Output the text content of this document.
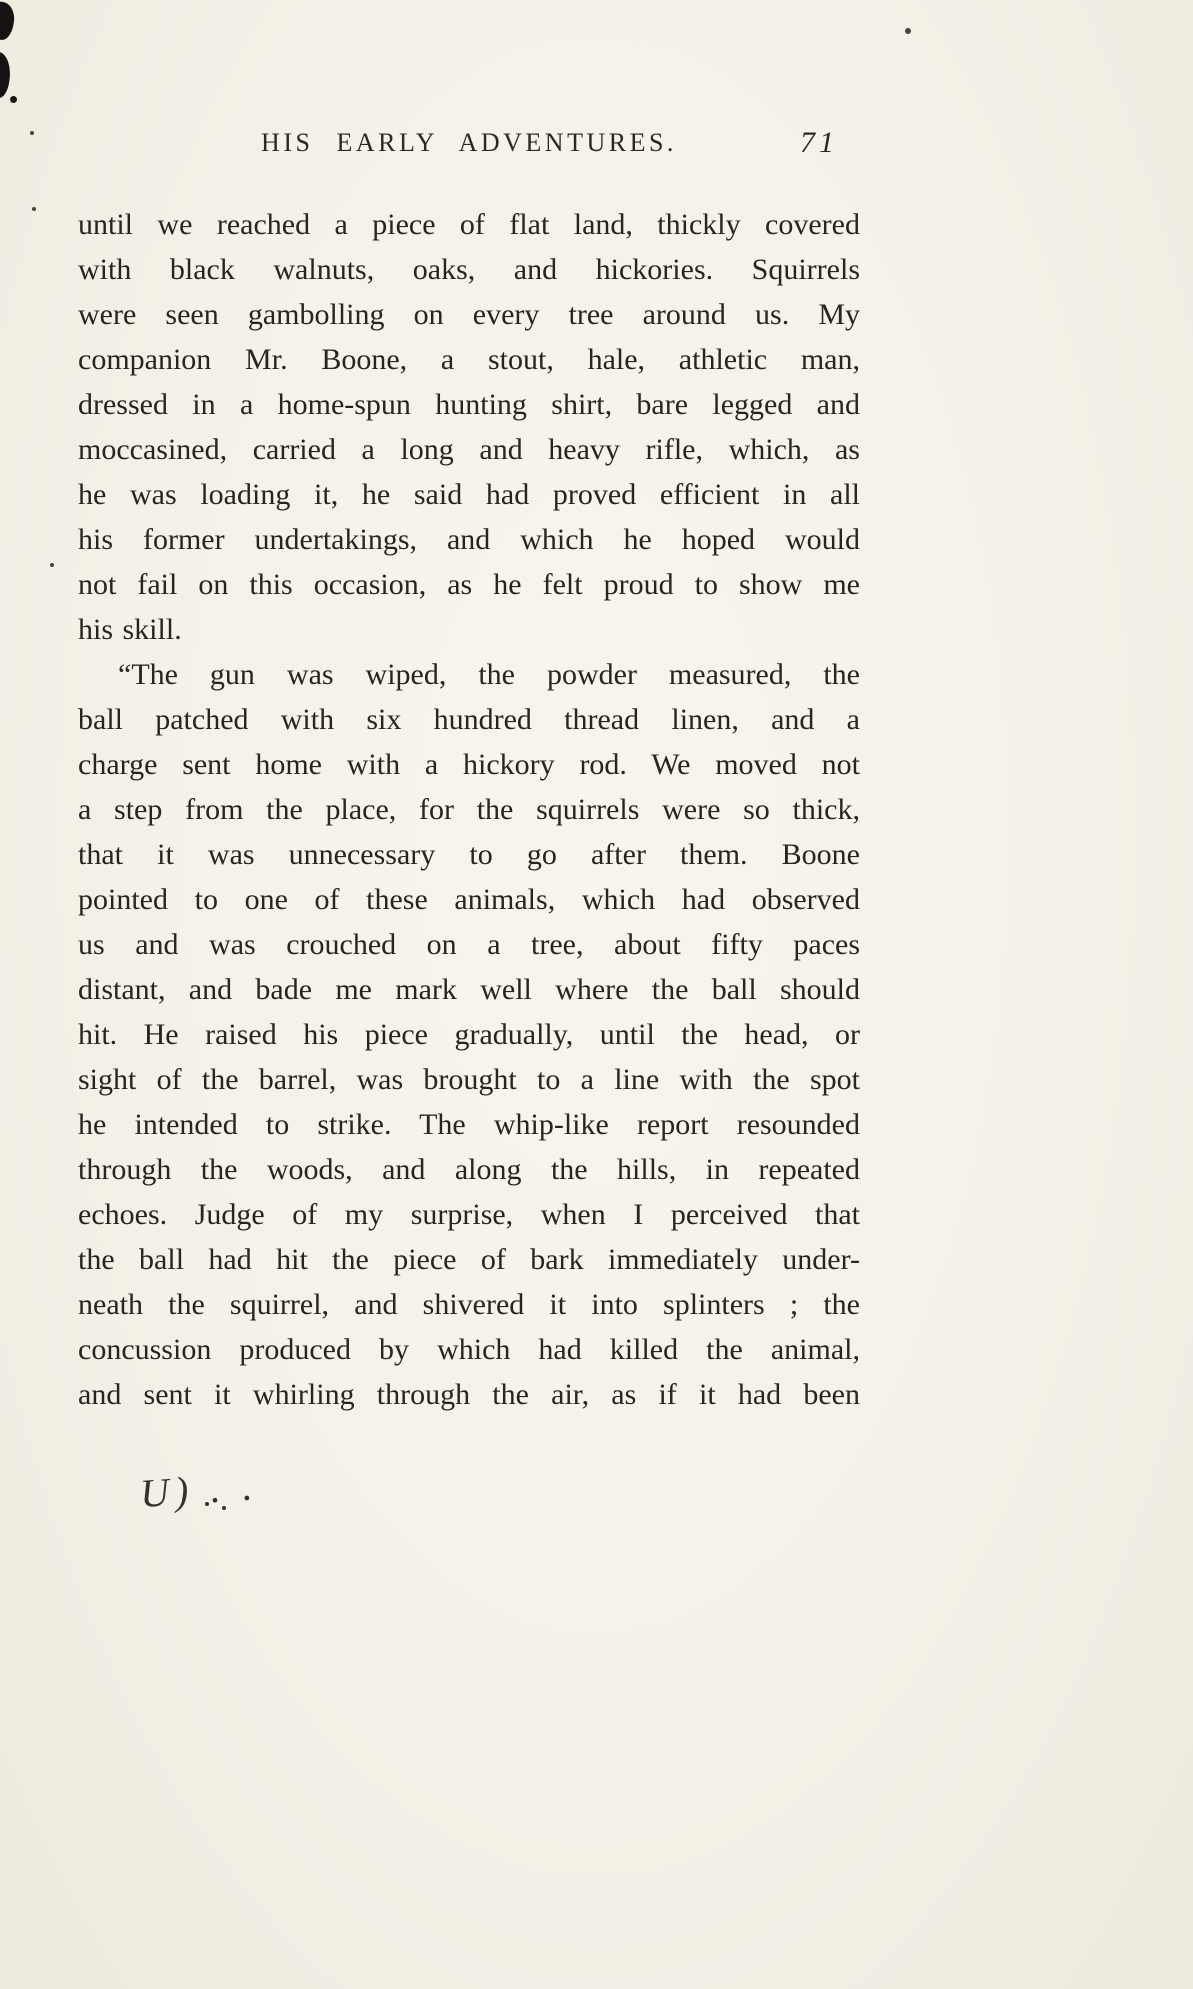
HIS EARLY ADVENTURES.	71
until we reached a piece of flat land, thickly covered
with black walnuts, oaks, and hickories. Squirrels
were seen gambolling on every tree around us. My
companion Mr. Boone, a stout, hale, athletic man,
dressed in a home-spun hunting shirt, bare legged and
moccasined, carried a long and heavy rifle, which, as
he was loading it, he said had proved efficient in all
his former undertakings, and which he hoped would
not fail on this occasion, as he felt proud to show me
his skill.
“The gun was wiped, the powder measured, the
ball patched with six hundred thread linen, and a
charge sent home with a hickory rod. We moved not
a step from the place, for the squirrels were so thick,
that it was unnecessary to go after them. Boone
pointed to one of these animals, which had observed
us and was crouched on a tree, about fifty paces
distant, and bade me mark well where the ball should
hit. He raised his piece gradually, until the head, or
sight of the barrel, was brought to a line with the spot
he intended to strike. The whip-like report resounded
through the woods, and along the hills, in repeated
echoes. Judge of my surprise, when I perceived that
the ball had hit the piece of bark immediately under-
neath the squirrel, and shivered it into splinters ; the
concussion produced by which had killed the animal,
and sent it whirling through the air, as if it had been
U) . .
